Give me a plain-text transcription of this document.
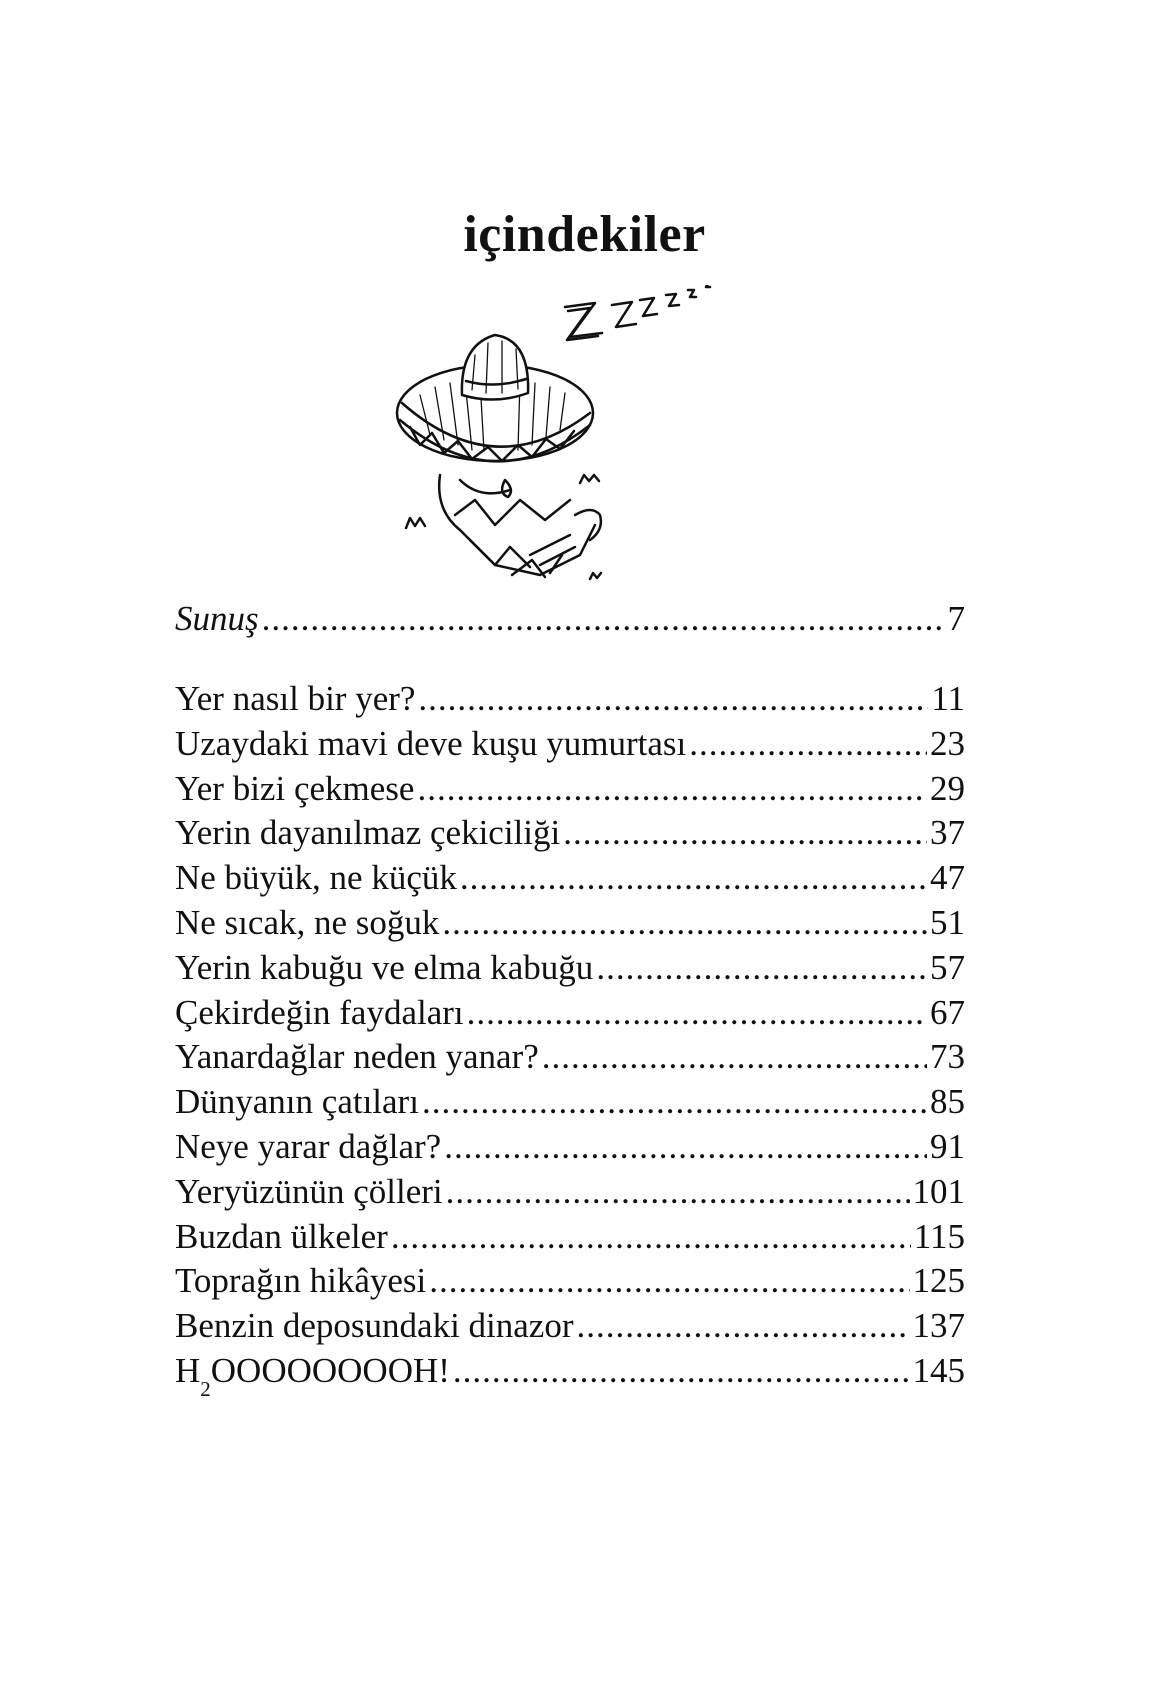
içindekiler
Sunuş .....	7
Yer nasıl bir yer? .....	11
Uzaydaki mavi deve kuşu yumurtası .....	23
Yer bizi çekmese .....	29
Yerin dayanılmaz çekiciliği .....	37
Ne büyük, ne küçük .....	47
Ne sıcak, ne soğuk .....	51
Yerin kabuğu ve elma kabuğu .....	57
Çekirdeğin faydaları .....	67
Yanardağlar neden yanar? .....	73
Dünyanın çatıları .....	85
Neye yarar dağlar? .....	91
Yeryüzünün çölleri .....	101
Buzdan ülkeler .....	115
Toprağın hikâyesi .....	125
Benzin deposundaki dinazor .....	137
$H_2OOOOOOOOH$! .....	145
